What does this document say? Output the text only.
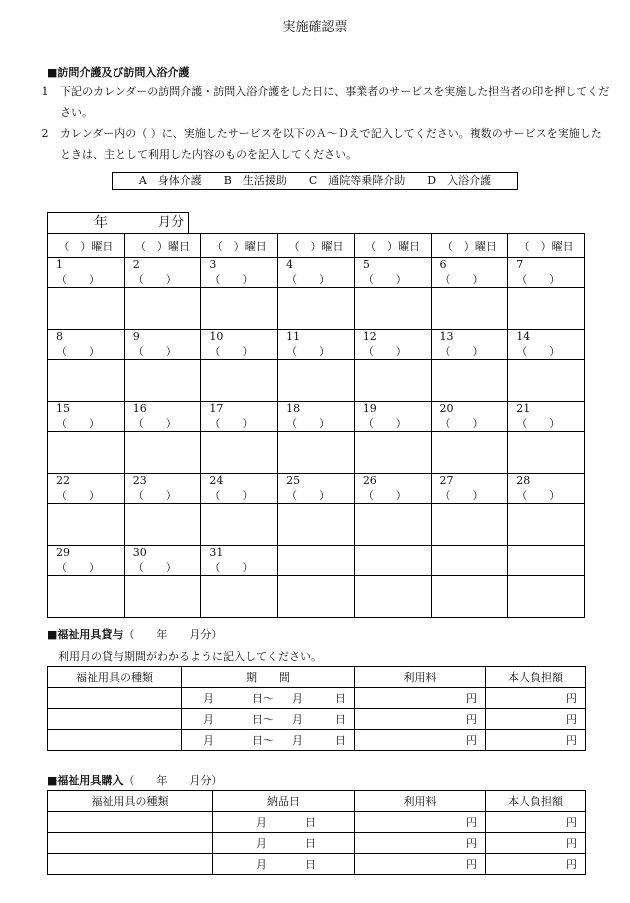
実施確認票
■訪問介護及び訪問入浴介護
1	下記のカレンダーの訪問介護・訪問入浴介護をした日に、事業者のサービスを実施した担当者の印を押してください。
2	カレンダー内の（ ）に、実施したサービスを以下のＡ～Ｄえで記入してください。複数のサービスを実施したときは、主として利用した内容のものを記入してください。
A　身体介護　　B　生活援助　　C　通院等乗降介助　　D　入浴介護
年	月分
（　）曜日	（　）曜日	（　）曜日	（　）曜日	（　）曜日	（　）曜日	（　）曜日
1（　　）	2（　　）	3（　　）	4（　　）	5（　　）	6（　　）	7（　　）

8（　　）	9（　　）	10（　　）	11（　　）	12（　　）	13（　　）	14（　　）

15（　　）	16（　　）	17（　　）	18（　　）	19（　　）	20（　　）	21（　　）

22（　　）	23（　　）	24（　　）	25（　　）	26（　　）	27（　　）	28（　　）

29（　　）	30（　　）	31（　　）				

■福祉用具貸与（　　年　　月分）
利用月の貸与期間がわかるように記入してください。
福祉用具の種類	期　　間	利用料	本人負担額
	月 日～ 月 日	円	円
	月 日～ 月 日	円	円
	月 日～ 月 日	円	円
■福祉用具購入（　　年　　月分）
福祉用具の種類	納品日	利用料	本人負担額
	月 日	円	円
	月 日	円	円
	月 日	円	円
